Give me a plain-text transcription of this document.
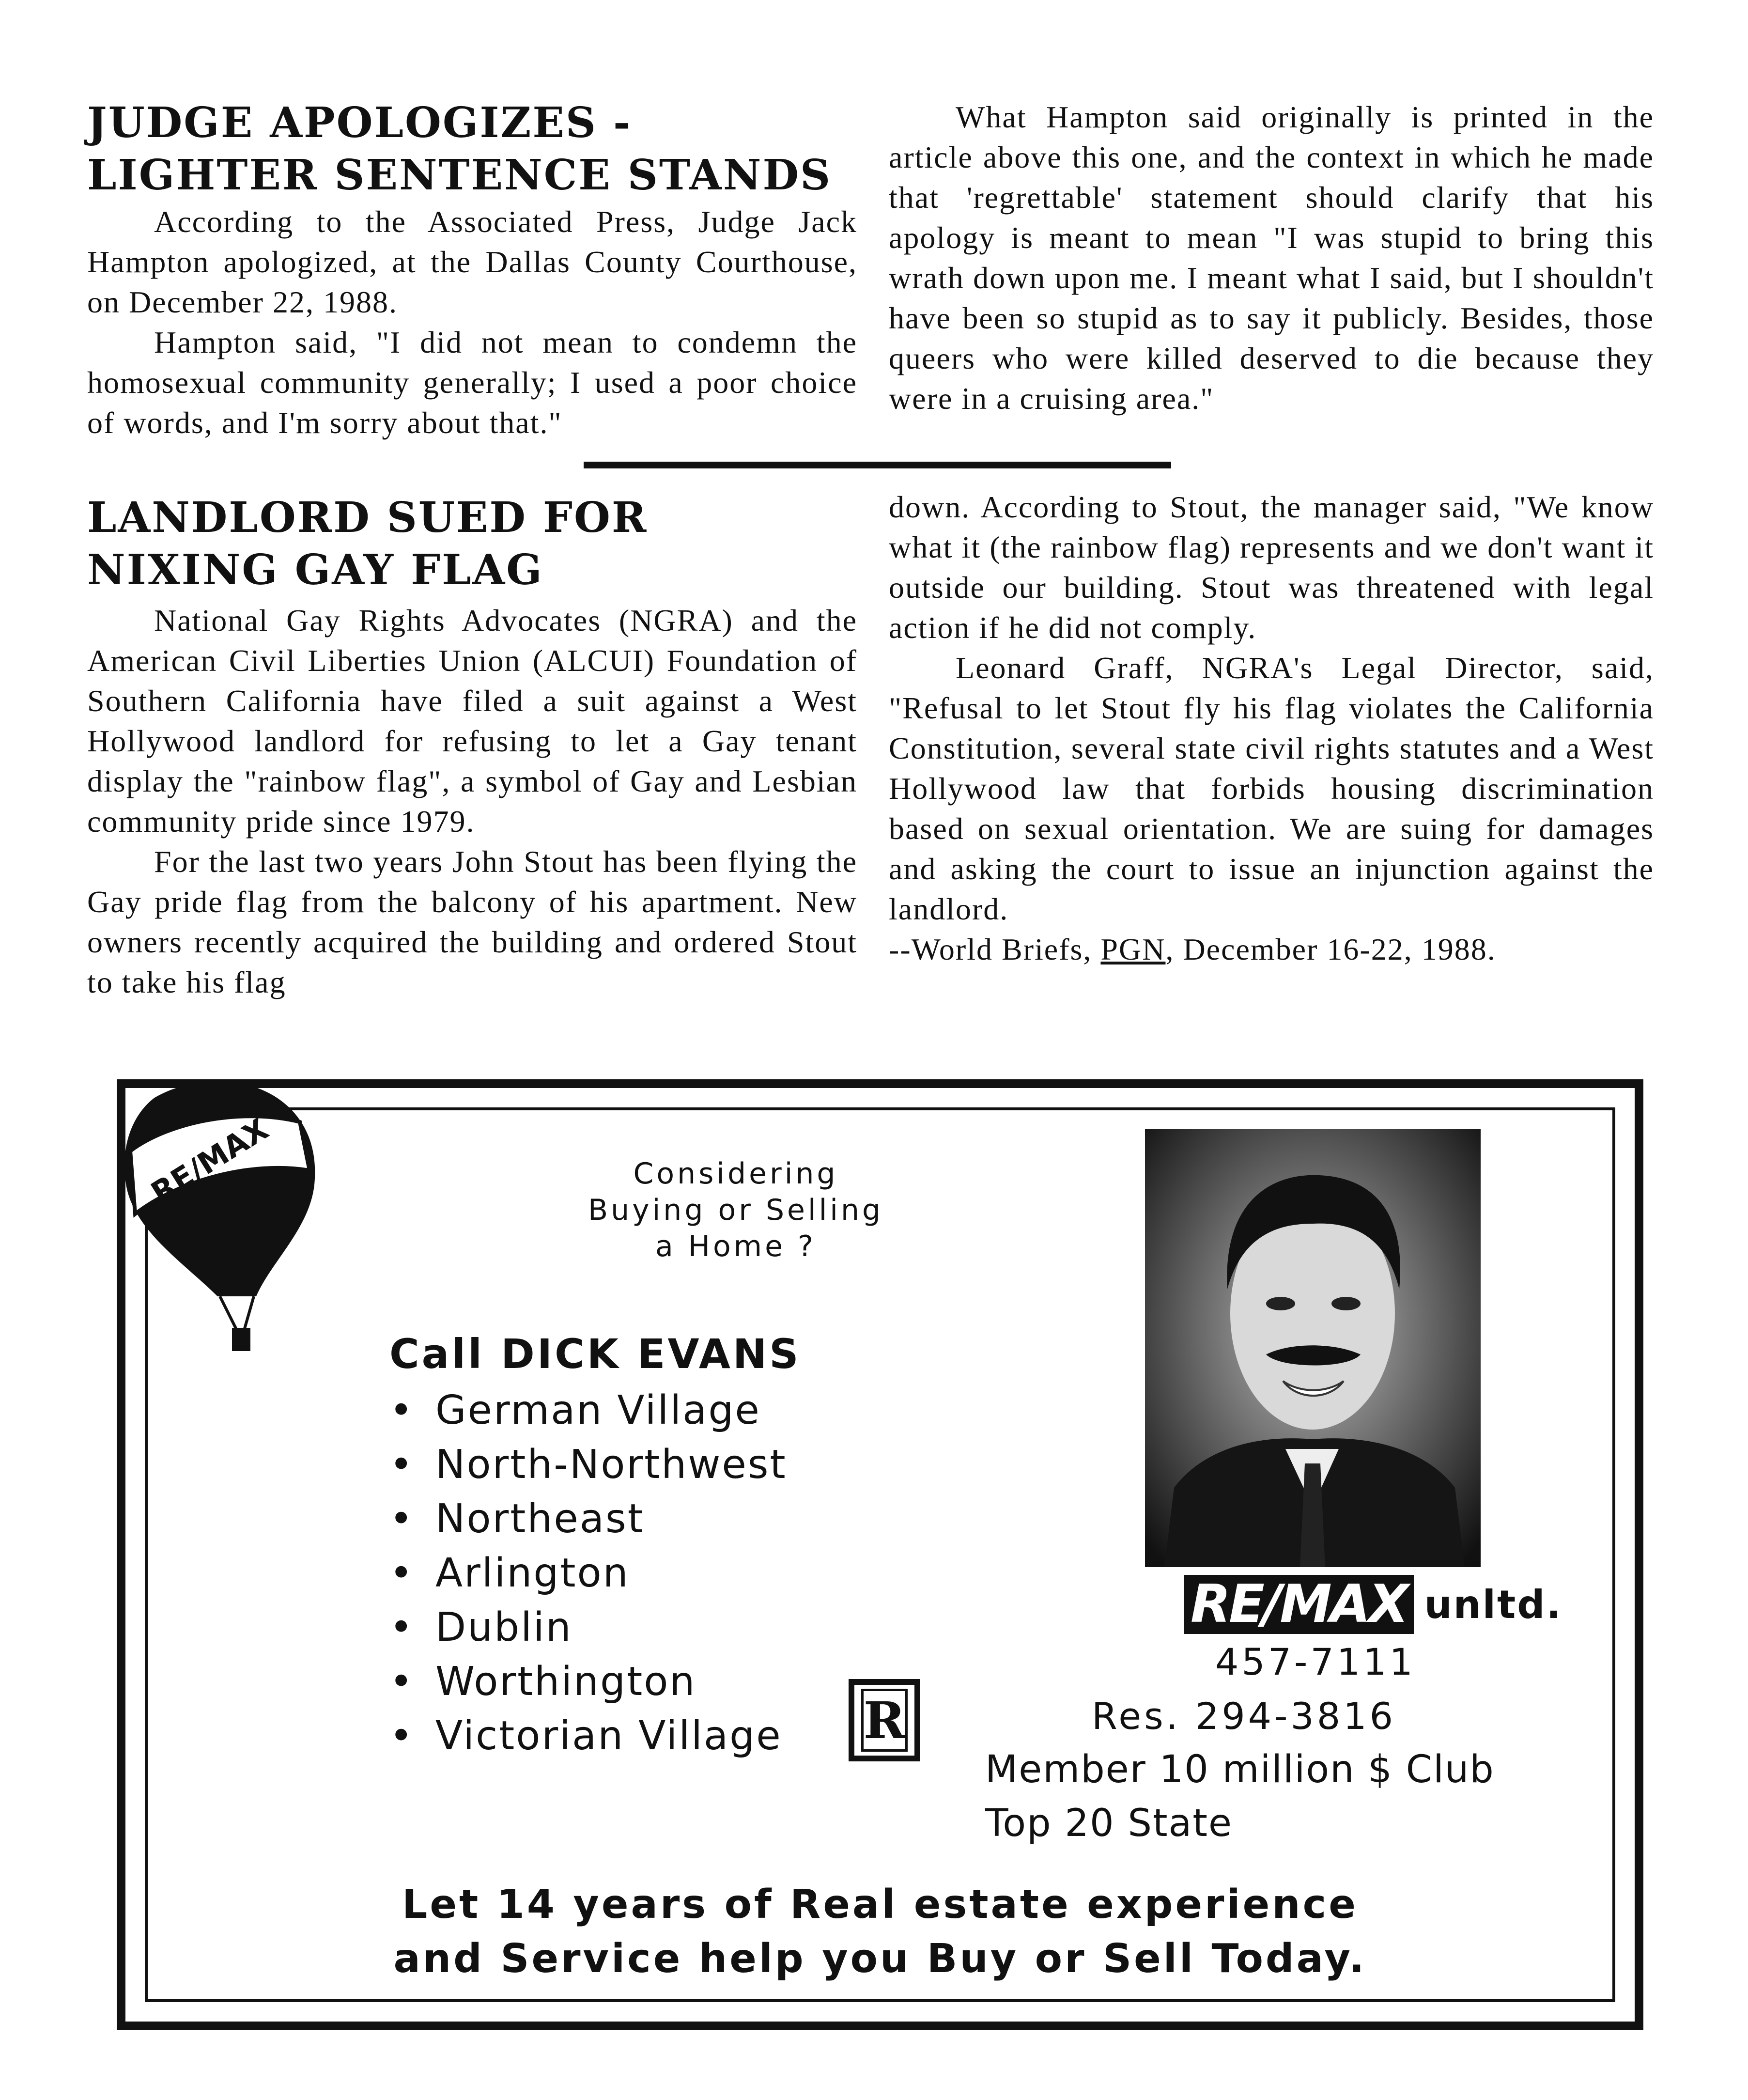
JUDGE APOLOGIZES -
LIGHTER SENTENCE STANDS

According to the Associated Press, Judge Jack Hampton apologized, at the Dallas County Courthouse, on December 22, 1988.

Hampton said, "I did not mean to condemn the homosexual community generally; I used a poor choice of words, and I'm sorry about that."

What Hampton said originally is printed in the article above this one, and the context in which he made that 'regrettable' statement should clarify that his apology is meant to mean "I was stupid to bring this wrath down upon me. I meant what I said, but I shouldn't have been so stupid as to say it publicly. Besides, those queers who were killed deserved to die because they were in a cruising area."

LANDLORD SUED FOR
NIXING GAY FLAG

National Gay Rights Advocates (NGRA) and the American Civil Liberties Union (ALCUI) Foundation of Southern California have filed a suit against a West Hollywood landlord for refusing to let a Gay tenant display the "rainbow flag", a symbol of Gay and Lesbian community pride since 1979.

For the last two years John Stout has been flying the Gay pride flag from the balcony of his apartment. New owners recently acquired the building and ordered Stout to take his flag

down. According to Stout, the manager said, "We know what it (the rainbow flag) represents and we don't want it outside our building. Stout was threatened with legal action if he did not comply.

Leonard Graff, NGRA's Legal Director, said, "Refusal to let Stout fly his flag violates the California Constitution, several state civil rights statutes and a West Hollywood law that forbids housing discrimination based on sexual orientation. We are suing for damages and asking the court to issue an injunction against the landlord.

--World Briefs, PGN, December 16-22, 1988.

RE/MAX	Considering
Buying or Selling
a Home ?
Call DICK EVANS
• German Village
• North-Northwest
• Northeast
• Arlington
• Dublin
• Worthington
• Victorian Village R
RE/MAX unltd.
457-7111
Res. 294-3816
Member 10 million $ Club
Top 20 State
Let 14 years of Real estate experience
and Service help you Buy or Sell Today.
